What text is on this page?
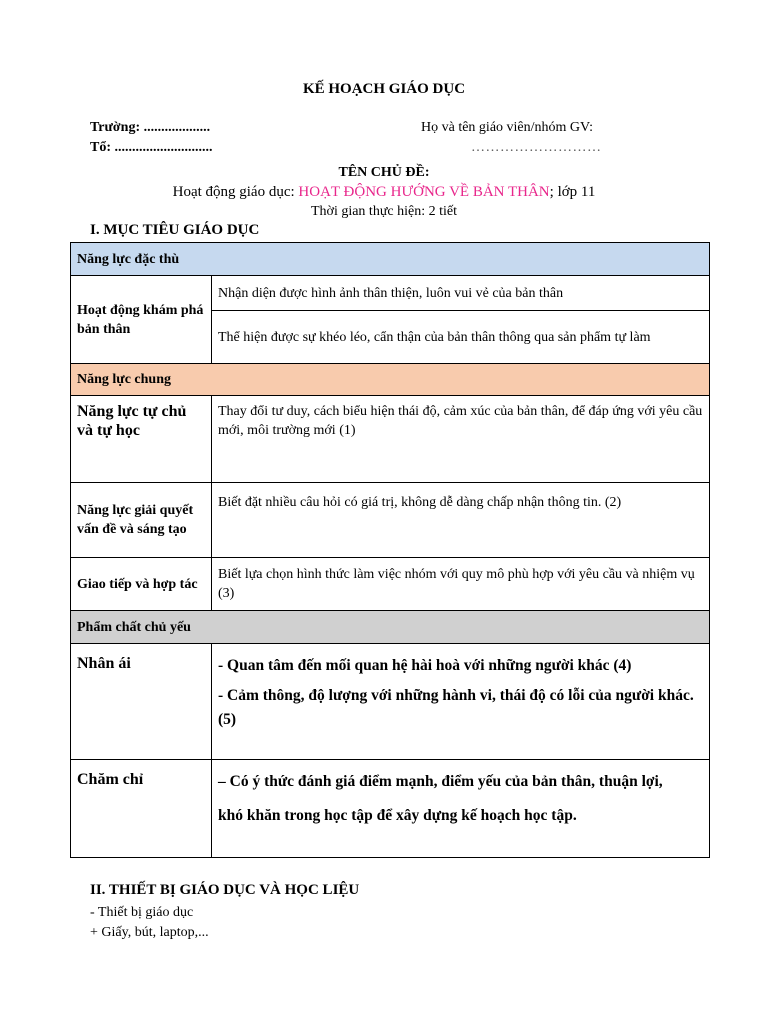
KẾ HOẠCH GIÁO DỤC
Trường: ...................
Tổ: ............................
Họ và tên giáo viên/nhóm GV:
………………………
TÊN CHỦ ĐỀ:
Hoạt động giáo dục: HOẠT ĐỘNG HƯỚNG VỀ BẢN THÂN; lớp 11
Thời gian thực hiện: 2 tiết
I. MỤC TIÊU GIÁO DỤC
Năng lực đặc thù	
Hoạt động khám phá bản thân	Nhận diện được hình ảnh thân thiện, luôn vui vẻ của bản thân
	Thể hiện được sự khéo léo, cẩn thận của bản thân thông qua sản phẩm tự làm
Năng lực chung	
Năng lực tự chủ và tự học	Thay đổi tư duy, cách biểu hiện thái độ, cảm xúc của bản thân, để đáp ứng với yêu cầu mới, môi trường mới (1)
Năng lực giải quyết vấn đề và sáng tạo	Biết đặt nhiều câu hỏi có giá trị, không dễ dàng chấp nhận thông tin. (2)
Giao tiếp và hợp tác	Biết lựa chọn hình thức làm việc nhóm với quy mô phù hợp với yêu cầu và nhiệm vụ (3)
Phẩm chất chủ yếu	
Nhân ái	- Quan tâm đến mối quan hệ hài hoà với những người khác (4)
- Cảm thông, độ lượng với những hành vi, thái độ có lỗi của người khác.(5)

Chăm chỉ	– Có ý thức đánh giá điểm mạnh, điểm yếu của bản thân, thuận lợi,
khó khăn trong học tập để xây dựng kế hoạch học tập.
II. THIẾT BỊ GIÁO DỤC VÀ HỌC LIỆU
- Thiết bị giáo dục
+ Giấy, bút, laptop,...
